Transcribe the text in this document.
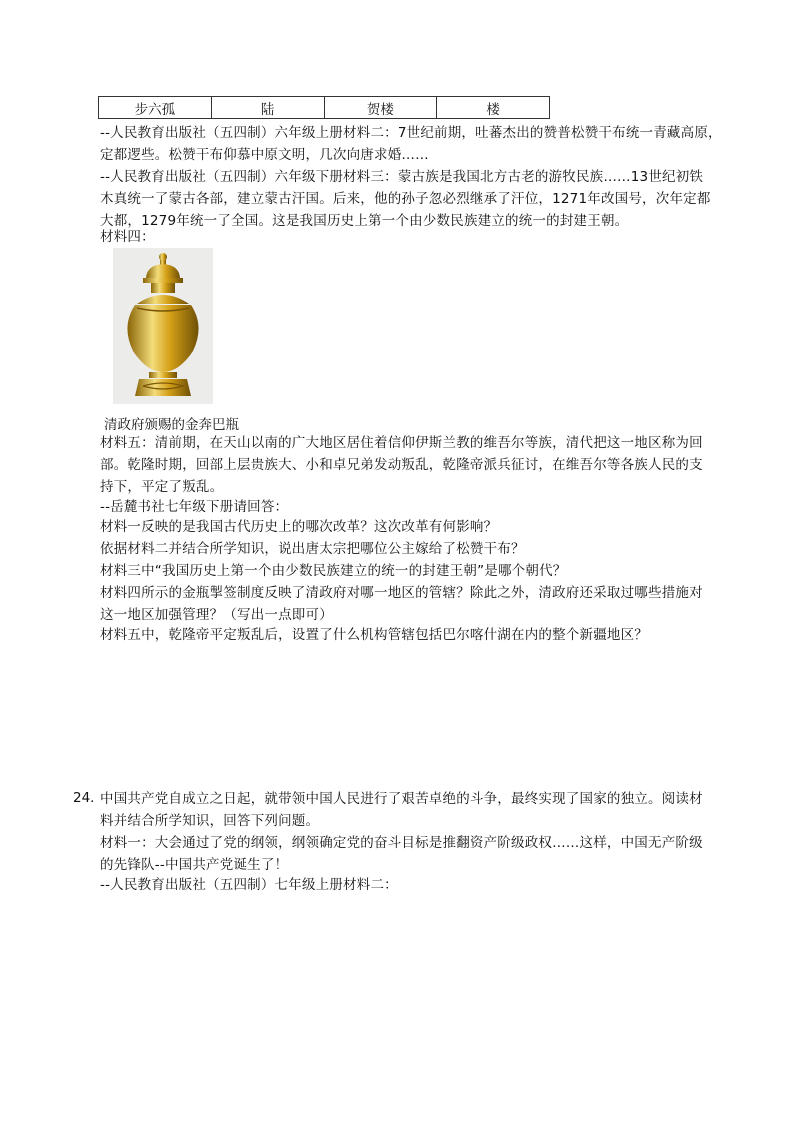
步六孤	陆	贺楼	楼
--人民教育出版社（五四制）六年级上册材料二：7世纪前期，吐蕃杰出的赞普松赞干布统一青藏高原，
定都逻些。松赞干布仰慕中原文明，几次向唐求婚……
--人民教育出版社（五四制）六年级下册材料三：蒙古族是我国北方古老的游牧民族……13世纪初铁
木真统一了蒙古各部，建立蒙古汗国。后来，他的孙子忽必烈继承了汗位，1271年改国号，次年定都
大都，1279年统一了全国。这是我国历史上第一个由少数民族建立的统一的封建王朝。
材料四：
清政府颁赐的金奔巴瓶
材料五：清前期，在天山以南的广大地区居住着信仰伊斯兰教的维吾尔等族，清代把这一地区称为回
部。乾隆时期，回部上层贵族大、小和卓兄弟发动叛乱，乾隆帝派兵征讨，在维吾尔等各族人民的支
持下，平定了叛乱。
--岳麓书社七年级下册请回答：
材料一反映的是我国古代历史上的哪次改革？这次改革有何影响？
依据材料二并结合所学知识，说出唐太宗把哪位公主嫁给了松赞干布？
材料三中“我国历史上第一个由少数民族建立的统一的封建王朝”是哪个朝代？
材料四所示的金瓶掣签制度反映了清政府对哪一地区的管辖？除此之外，清政府还采取过哪些措施对
这一地区加强管理？（写出一点即可）
材料五中，乾隆帝平定叛乱后，设置了什么机构管辖包括巴尔喀什湖在内的整个新疆地区？
24. 中国共产党自成立之日起，就带领中国人民进行了艰苦卓绝的斗争，最终实现了国家的独立。阅读材
料并结合所学知识，回答下列问题。
材料一：大会通过了党的纲领，纲领确定党的奋斗目标是推翻资产阶级政权……这样，中国无产阶级
的先锋队--中国共产党诞生了！
--人民教育出版社（五四制）七年级上册材料二：
